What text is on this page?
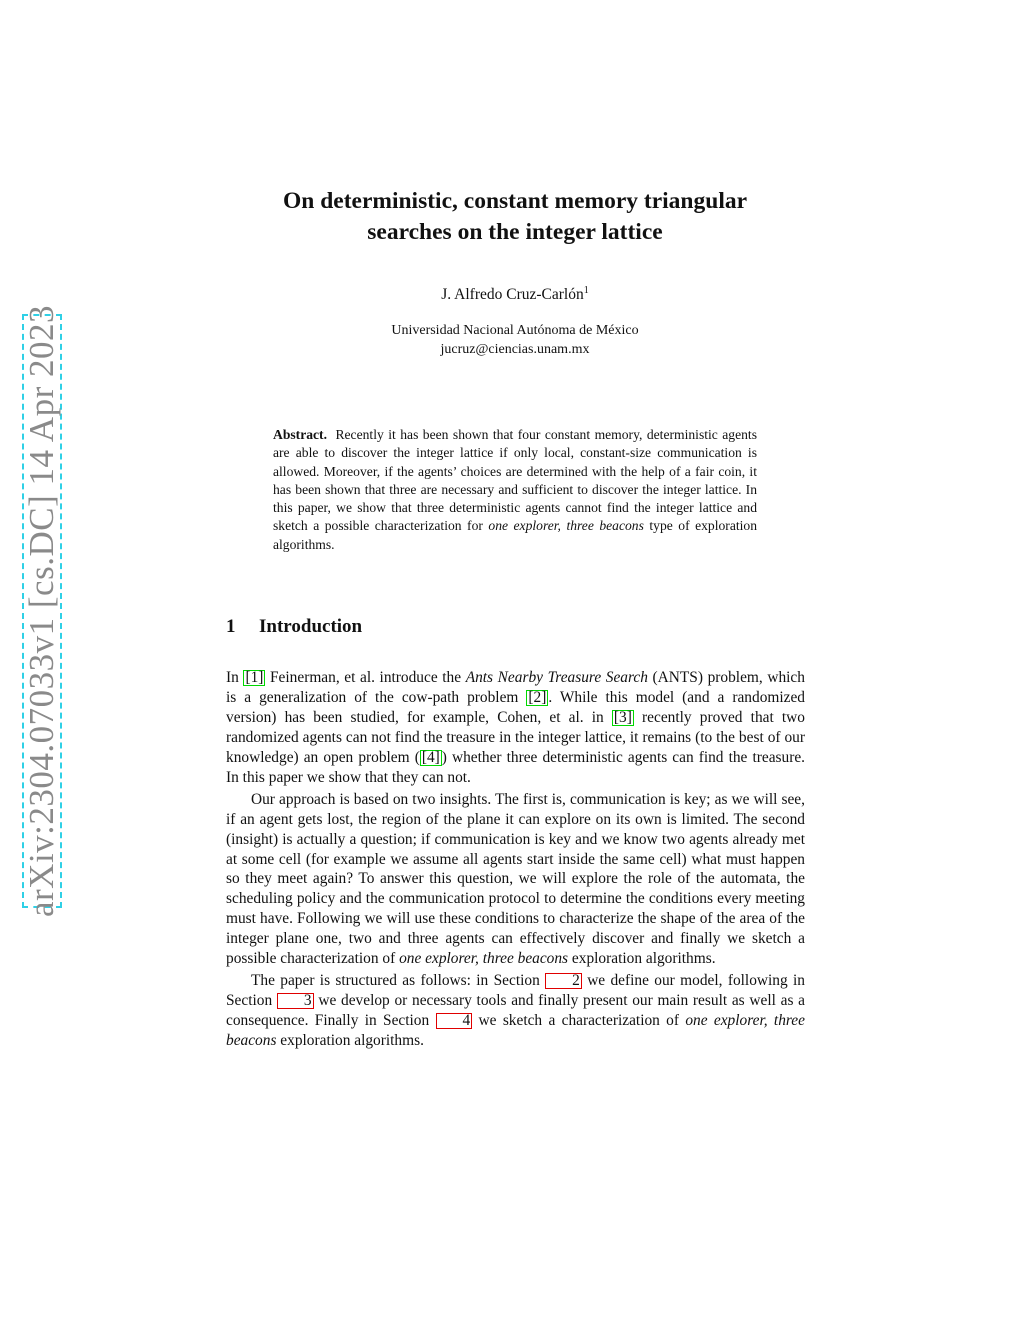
arXiv:2304.07033v1 [cs.DC] 14 Apr 2023
On deterministic, constant memory triangular
searches on the integer lattice
J. Alfredo Cruz-Carlón$^1$
Universidad Nacional Autónoma de México
jucruz@ciencias.unam.mx
Abstract. Recently it has been shown that four constant memory, deterministic agents are able to discover the integer lattice if only local, constant-size communication is allowed. Moreover, if the agents’ choices are determined with the help of a fair coin, it has been shown that three are necessary and sufficient to discover the integer lattice. In this paper, we show that three deterministic agents cannot find the integer lattice and sketch a possible characterization for one explorer, three beacons type of exploration algorithms.
1 Introduction

In [1] Feinerman, et al. introduce the Ants Nearby Treasure Search (ANTS) problem, which is a generalization of the cow-path problem [2] . While this model (and a randomized version) has been studied, for example, Cohen, et al. in [3] recently proved that two randomized agents can not find the treasure in the integer lattice, it remains (to the best of our knowledge) an open problem ( [4] ) whether three deterministic agents can find the treasure. In this paper we show that they can not.

Our approach is based on two insights. The first is, communication is key; as we will see, if an agent gets lost, the region of the plane it can explore on its own is limited. The second (insight) is actually a question; if communication is key and we know two agents already met at some cell (for example we assume all agents start inside the same cell) what must happen so they meet again? To answer this question, we will explore the role of the automata, the scheduling policy and the communication protocol to determine the conditions every meeting must have. Following we will use these conditions to characterize the shape of the area of the integer plane one, two and three agents can effectively discover and finally we sketch a possible characterization of one explorer, three beacons exploration algorithms.

The paper is structured as follows: in Section 2 we define our model, following in Section 3 we develop or necessary tools and finally present our main result as well as a consequence. Finally in Section 4 we sketch a characterization of one explorer, three beacons exploration algorithms.
